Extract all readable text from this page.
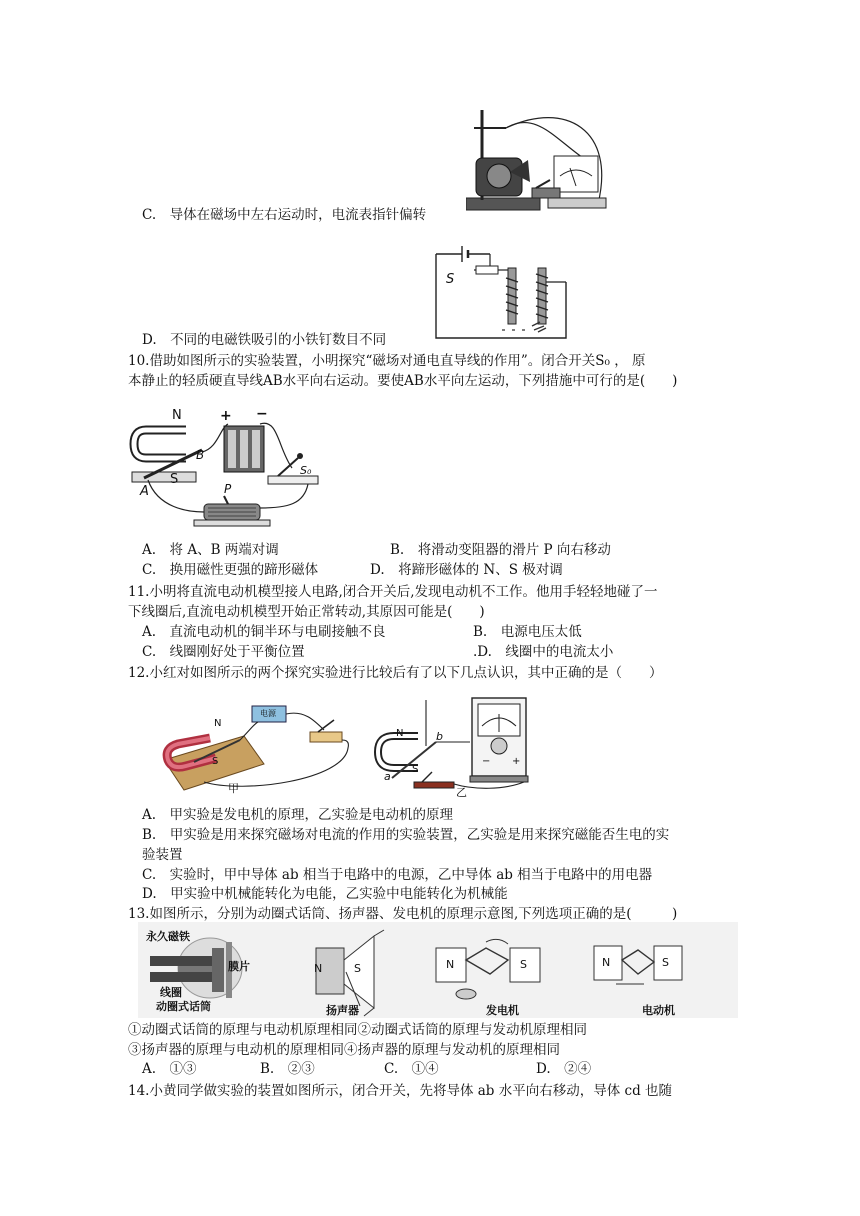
C.　导体在磁场中左右运动时，电流表指针偏转
S
D.　不同的电磁铁吸引的小铁钉数目不同
10.借助如图所示的实验装置，小明探究“磁场对通电直导线的作用”。闭合开关S₀ ， 原
本静止的轻质硬直导线AB水平向右运动。要使AB水平向左运动，下列措施中可行的是(　　)
N
S
A
B
P
S₀
+ −
A.　将 A、B 两端对调	B.　将滑动变阻器的滑片 P 向右移动
C.　换用磁性更强的蹄形磁体	D.　将蹄形磁体的 N、S 极对调
11.小明将直流电动机模型接人电路,闭合开关后,发现电动机不工作。他用手轻轻地碰了一
下线圈后,直流电动机模型开始正常转动,其原因可能是(　　)
A.　直流电动机的铜半环与电刷接触不良	B.　电源电压太低
C.　线圈刚好处于平衡位置	.D.　线圈中的电流太小
12.小红对如图所示的两个探究实验进行比较后有了以下几点认识，其中正确的是（　　）
N
S
电源
甲
N
S
a
b
− +
乙
A.　甲实验是发电机的原理，乙实验是电动机的原理
B.　甲实验是用来探究磁场对电流的作用的实验装置，乙实验是用来探究磁能否生电的实
验装置
C.　实验时，甲中导体 ab 相当于电路中的电源，乙中导体 ab 相当于电路中的用电器
D.　甲实验中机械能转化为电能，乙实验中电能转化为机械能
13.如图所示，分别为动圈式话筒、扬声器、发电机的原理示意图,下列选项正确的是(　　　)
永久磁铁
膜片
线圈
动圈式话筒
N	S
扬声器
N	S
发电机
N	S
电动机
①动圈式话筒的原理与电动机原理相同②动圈式话筒的原理与发动机原理相同
③扬声器的原理与电动机的原理相同④扬声器的原理与发动机的原理相同
A.　①③	B.　②③	C.　①④	D.　②④
14.小黄同学做实验的装置如图所示，闭合开关，先将导体 ab 水平向右移动，导体 cd 也随
